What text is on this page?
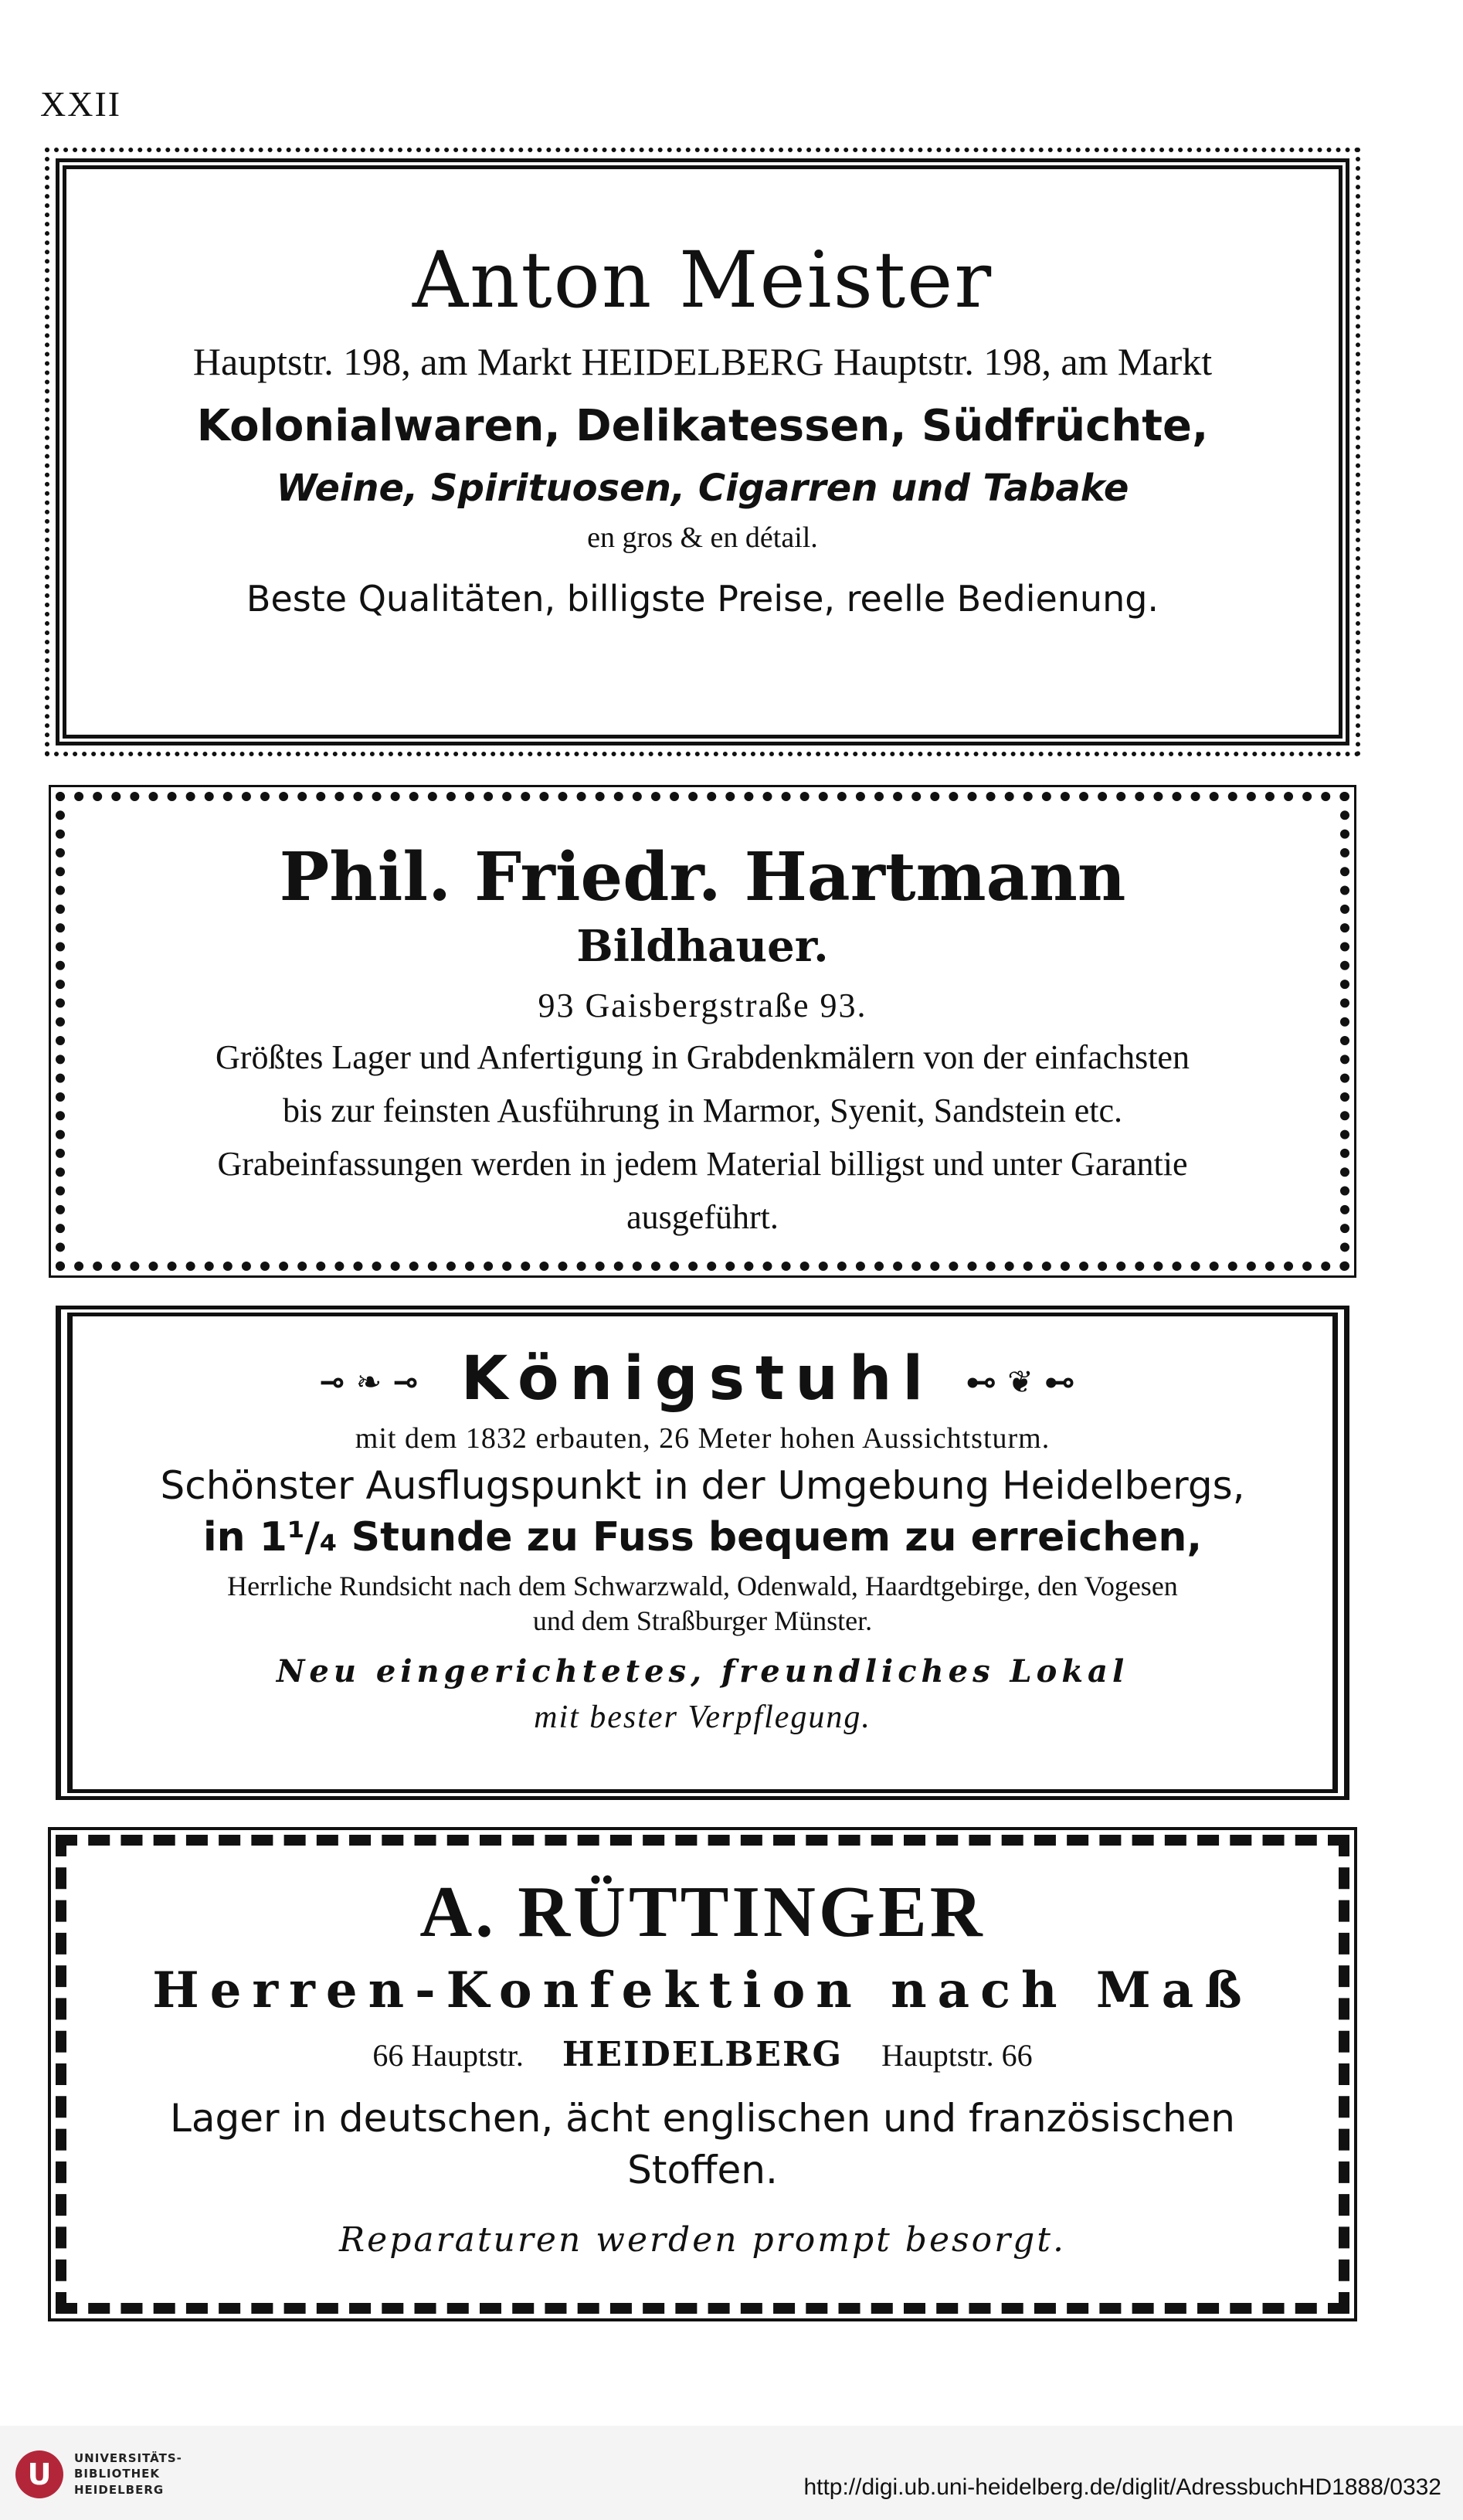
XXII
Anton Meister
Hauptstr. 198, am Markt HEIDELBERG Hauptstr. 198, am Markt
Kolonialwaren, Delikatessen, Südfrüchte,
Weine, Spirituosen, Cigarren und Tabake
en gros & en détail.
Beste Qualitäten, billigste Preise, reelle Bedienung.
Phil. Friedr. Hartmann
Bildhauer.
93 Gaisbergstraße 93.
Größtes Lager und Anfertigung in Grabdenkmälern von der einfachsten
bis zur feinsten Ausführung in Marmor, Syenit, Sandstein etc.
Grabeinfassungen werden in jedem Material billigst und unter Garantie
ausgeführt.
⊸❧⊸ Königstuhl ⊷❦⊷
mit dem 1832 erbauten, 26 Meter hohen Aussichtsturm.
Schönster Ausflugspunkt in der Umgebung Heidelbergs,
in 1¹/₄ Stunde zu Fuss bequem zu erreichen,
Herrliche Rundsicht nach dem Schwarzwald, Odenwald, Haardtgebirge, den Vogesen
und dem Straßburger Münster.
Neu eingerichtetes, freundliches Lokal
mit bester Verpflegung.
A. RÜTTINGER
Herren-Konfektion nach Maß
66 Hauptstr. HEIDELBERG Hauptstr. 66
Lager in deutschen, ächt englischen und französischen
Stoffen.
Reparaturen werden prompt besorgt.
U	UNIVERSITÄTS-
BIBLIOTHEK
HEIDELBERG	http://digi.ub.uni-heidelberg.de/diglit/AdressbuchHD1888/0332
